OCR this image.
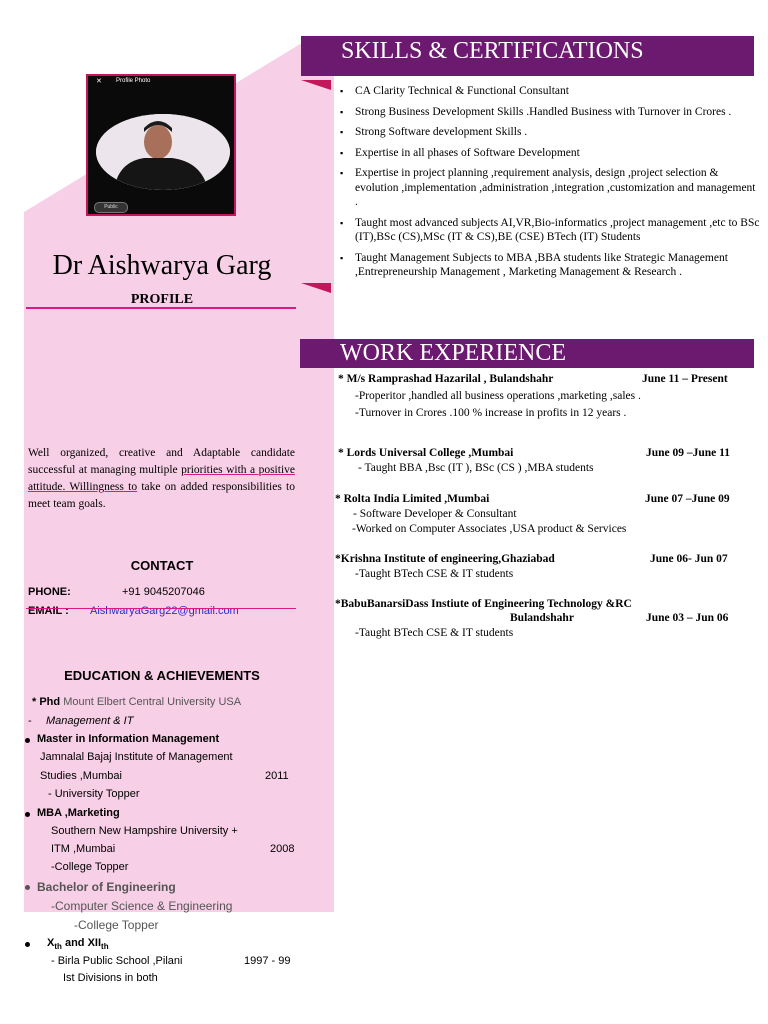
✕ Profile Photo
Public
Dr Aishwarya Garg
PROFILE
Well organized, creative and Adaptable candidate successful at managing multiple priorities with a positive attitude. Willingness to take on added responsibilities to meet team goals.
CONTACT
PHONE:	+91 9045207046
EMAIL : AishwaryaGarg22@gmail.com
EDUCATION & ACHIEVEMENTS
* Phd Mount Elbert Central University USA
- Management & IT
Master in Information Management
Jamnalal Bajaj Institute of Management
Studies ,Mumbai	2011
- University Topper
MBA ,Marketing
Southern New Hampshire University +
ITM ,Mumbai	2008
-College Topper
Bachelor of Engineering
-Computer Science & Engineering
-College Topper
$X_{th}$ and $XII_{th}$
- Birla Public School ,Pilani	1997 - 99
Ist Divisions in both
SKILLS & CERTIFICATIONS
▪ CA Clarity Technical & Functional Consultant
▪ Strong Business Development Skills .Handled Business with Turnover in Crores .
▪ Strong Software development Skills .
▪ Expertise in all phases of Software Development
▪ Expertise in project planning ,requirement analysis, design ,project selection &
evolution ,implementation ,administration ,integration ,customization and management .
▪ Taught most advanced subjects AI,VR,Bio-informatics ,project management ,etc to BSc (IT),BSc (CS),MSc (IT & CS),BE (CSE) BTech (IT) Students
▪ Taught Management Subjects to MBA ,BBA students like Strategic Management ,Entrepreneurship Management , Marketing Management & Research .
WORK EXPERIENCE
* M/s Ramprashad Hazarilal , Bulandshahr	June 11 – Present
-Properitor ,handled all business operations ,marketing ,sales .
-Turnover in Crores .100 % increase in profits in 12 years .
* Lords Universal College ,Mumbai	June 09 –June 11
- Taught BBA ,Bsc (IT ), BSc (CS ) ,MBA students
* Rolta India Limited ,Mumbai	June 07 –June 09
- Software Developer & Consultant
-Worked on Computer Associates ,USA product & Services
*Krishna Institute of engineering,Ghaziabad	June 06- Jun 07
-Taught BTech CSE & IT students
*BabuBanarsiDass Instiute of Engineering Technology &RC
Bulandshahr	June 03 – Jun 06
-Taught BTech CSE & IT students
